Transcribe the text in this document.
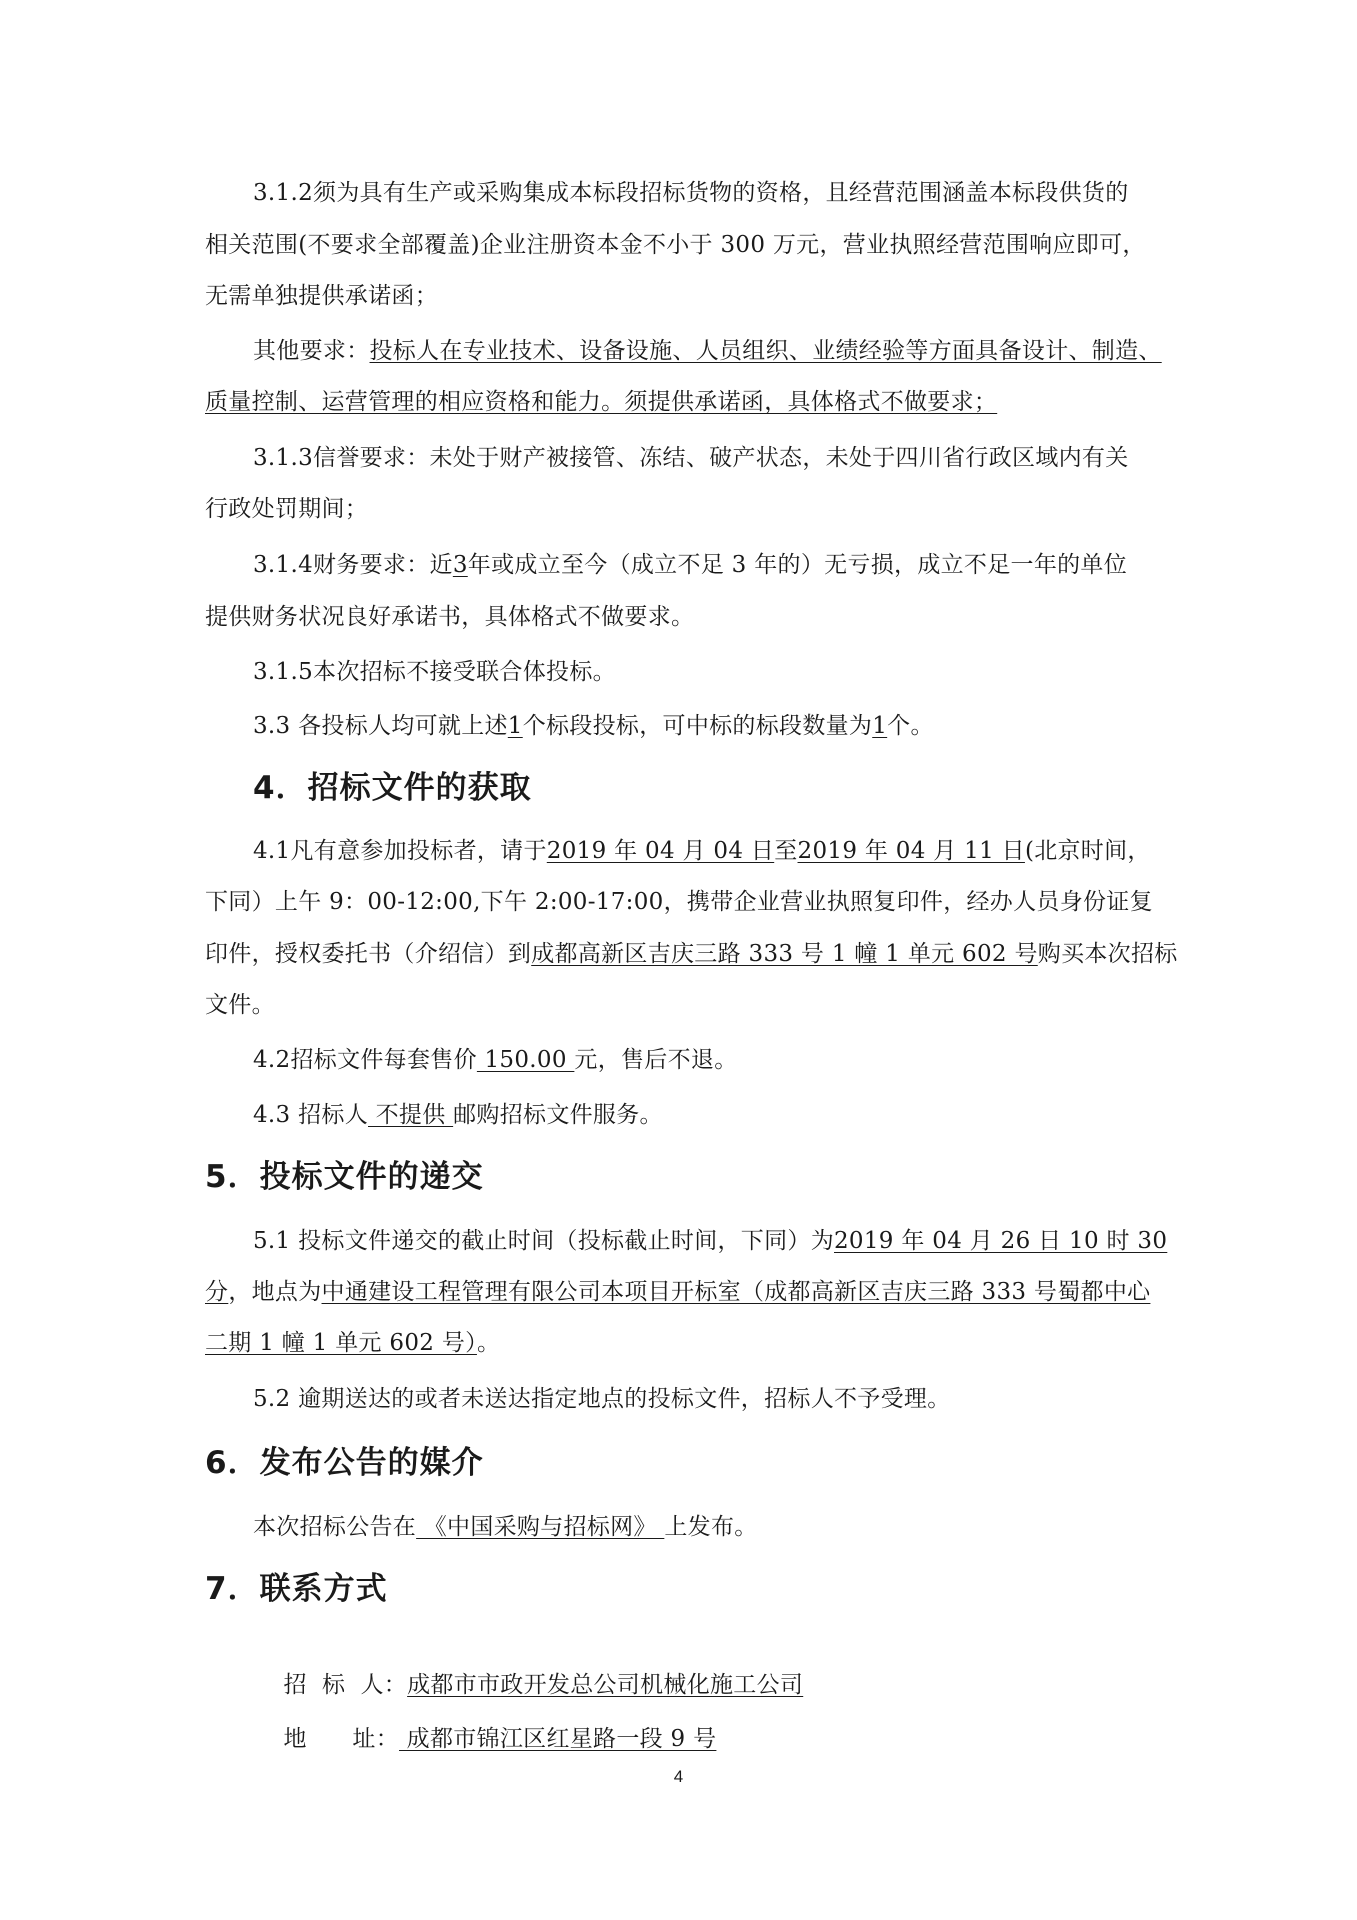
3.1.2须为具有生产或采购集成本标段招标货物的资格，且经营范围涵盖本标段供货的
相关范围(不要求全部覆盖)企业注册资本金不小于 300 万元，营业执照经营范围响应即可，
无需单独提供承诺函；
其他要求：投标人在专业技术、设备设施、人员组织、业绩经验等方面具备设计、制造、
质量控制、运营管理的相应资格和能力。须提供承诺函，具体格式不做要求；
3.1.3信誉要求：未处于财产被接管、冻结、破产状态，未处于四川省行政区域内有关
行政处罚期间；
3.1.4财务要求：近3年或成立至今（成立不足 3 年的）无亏损，成立不足一年的单位
提供财务状况良好承诺书，具体格式不做要求。
3.1.5本次招标不接受联合体投标。
3.3 各投标人均可就上述1个标段投标，可中标的标段数量为1个。
4．招标文件的获取
4.1凡有意参加投标者，请于2019 年 04 月 04 日至2019 年 04 月 11 日(北京时间，
下同）上午 9：00-12:00,下午 2:00-17:00，携带企业营业执照复印件，经办人员身份证复
印件，授权委托书（介绍信）到成都高新区吉庆三路 333 号 1 幢 1 单元 602 号购买本次招标
文件。
4.2招标文件每套售价 150.00 元，售后不退。
4.3 招标人 不提供 邮购招标文件服务。
5．投标文件的递交
5.1 投标文件递交的截止时间（投标截止时间，下同）为2019 年 04 月 26 日 10 时 30
分，地点为中通建设工程管理有限公司本项目开标室（成都高新区吉庆三路 333 号蜀都中心
二期 1 幢 1 单元 602 号）。
5.2 逾期送达的或者未送达指定地点的投标文件，招标人不予受理。
6．发布公告的媒介
本次招标公告在 《中国采购与招标网》 上发布。
7．联系方式

招  标  人：成都市市政开发总公司机械化施工公司

地      址： 成都市锦江区红星路一段 9 号

4
